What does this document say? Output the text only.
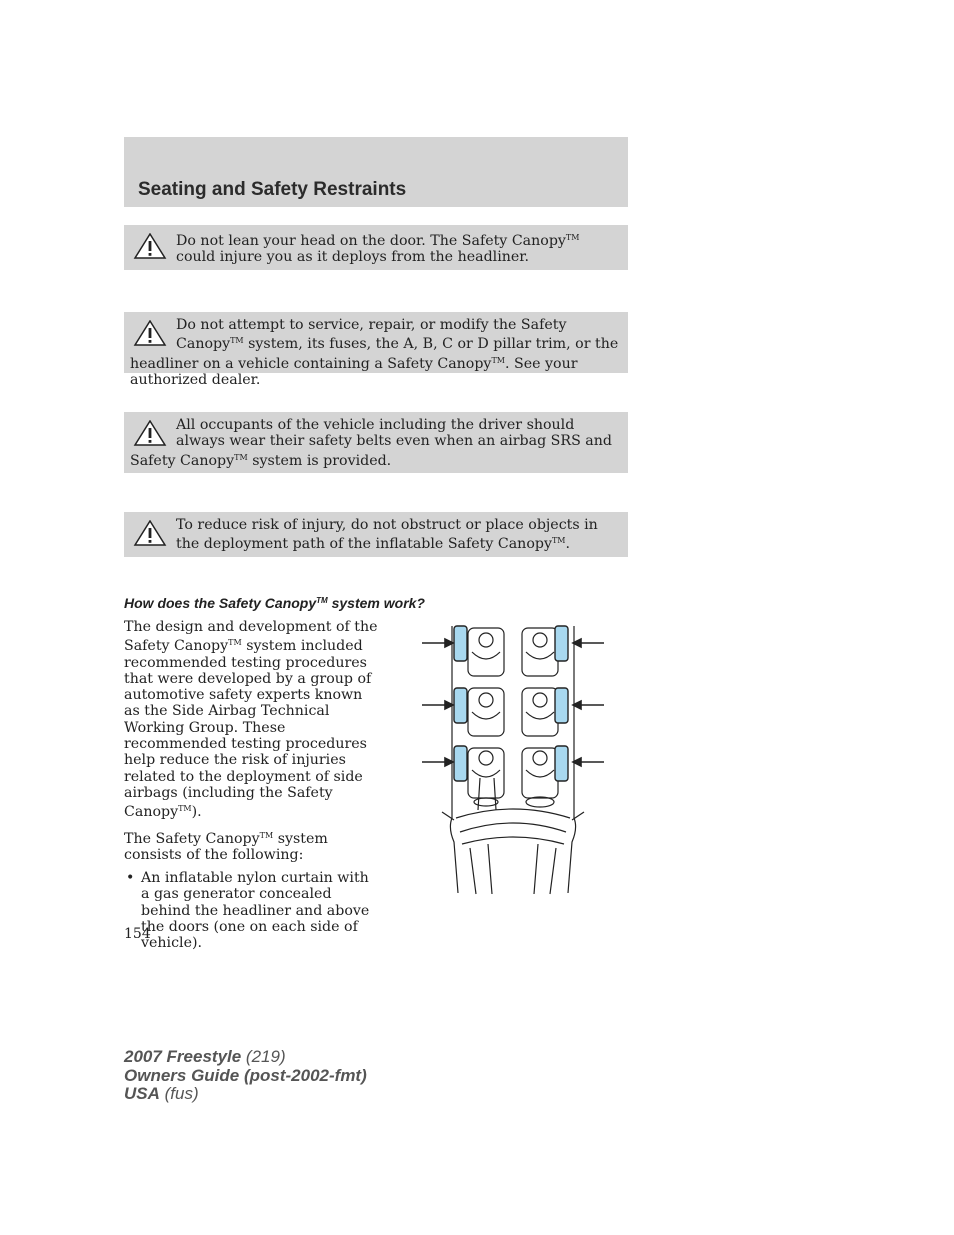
Seating and Safety Restraints

Do not lean your head on the door. The Safety Canopy™ could injure you as it deploys from the headliner.

Do not attempt to service, repair, or modify the Safety Canopy™ system, its fuses, the A, B, C or D pillar trim, or the headliner on a vehicle containing a Safety Canopy™. See your authorized dealer.

All occupants of the vehicle including the driver should always wear their safety belts even when an airbag SRS and Safety Canopy™ system is provided.

To reduce risk of injury, do not obstruct or place objects in the deployment path of the inflatable Safety Canopy™.

How does the Safety Canopy™ system work?

The design and development of the Safety Canopy™ system included recommended testing procedures that were developed by a group of automotive safety experts known as the Side Airbag Technical Working Group. These recommended testing procedures help reduce the risk of injuries related to the deployment of side airbags (including the Safety Canopy™).

The Safety Canopy™ system consists of the following:

• An inflatable nylon curtain with a gas generator concealed behind the headliner and above the doors (one on each side of vehicle).

154
2007 Freestyle (219)
Owners Guide (post-2002-fmt)
USA (fus)
